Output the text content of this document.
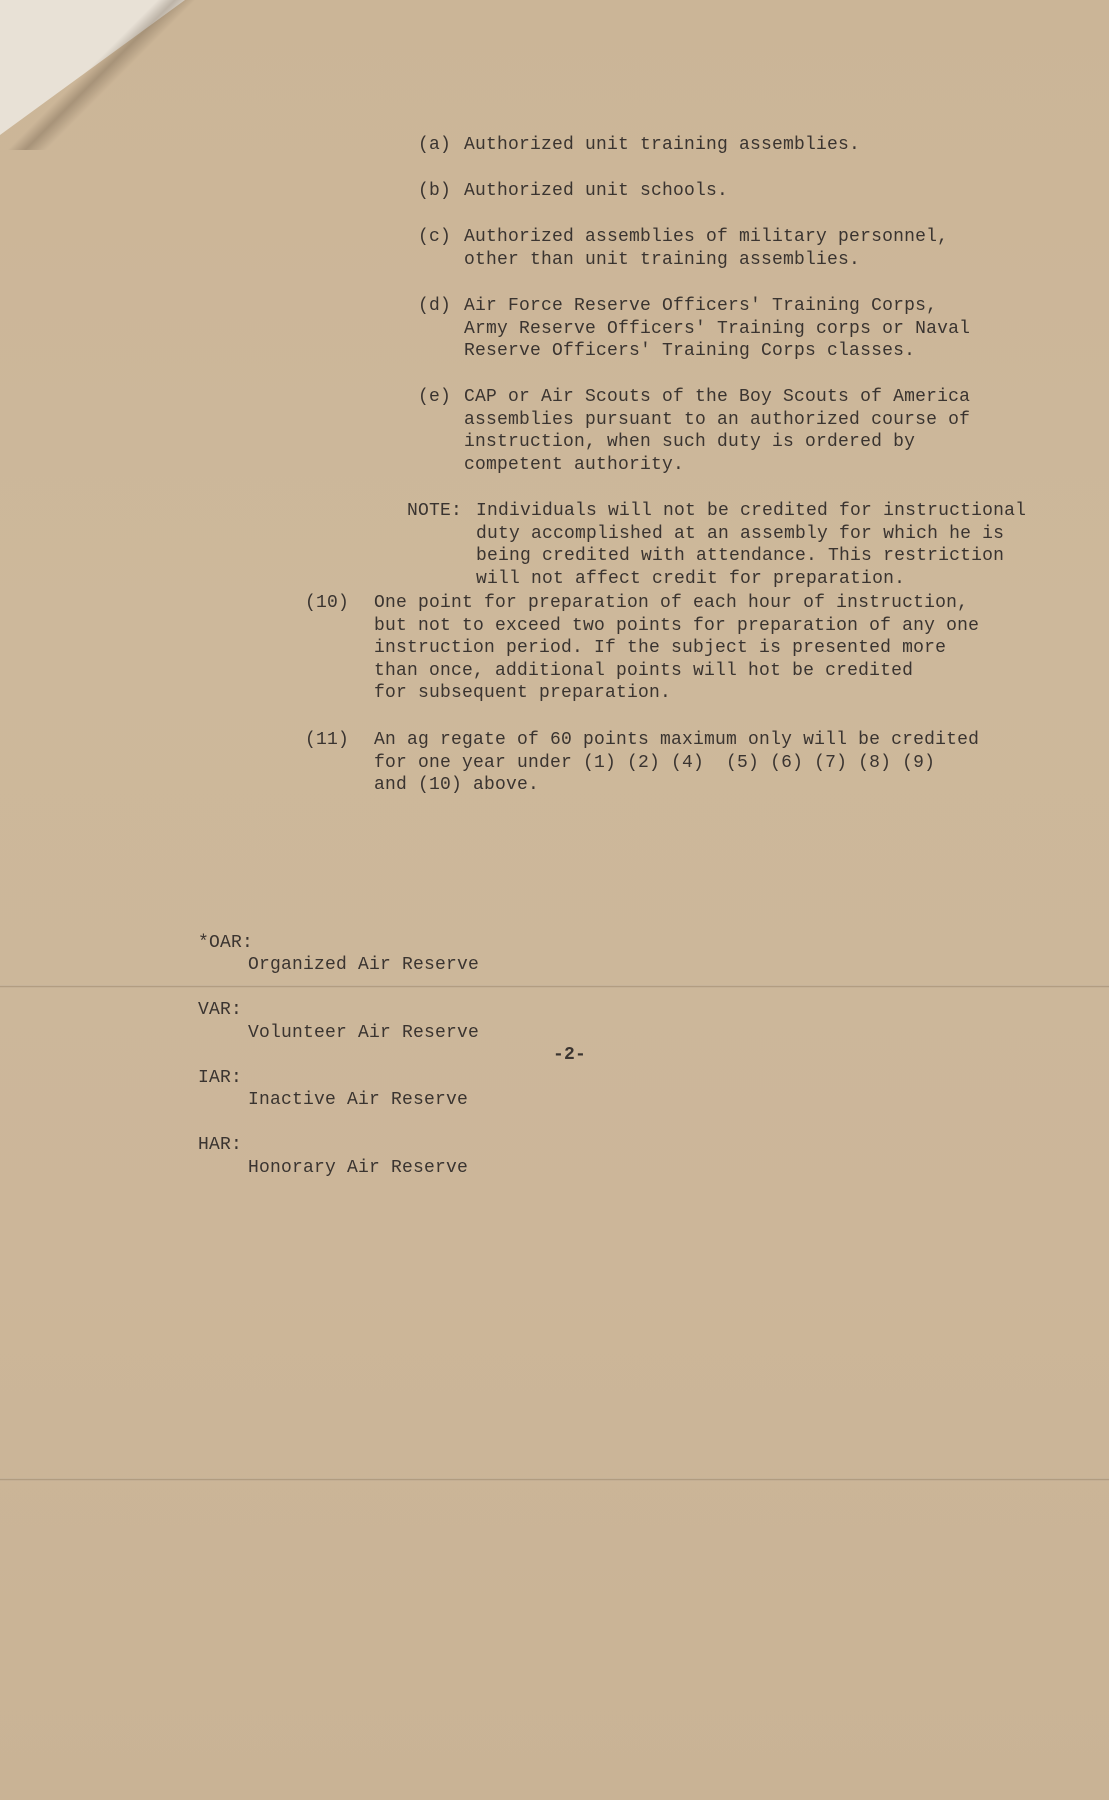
(a)

Authorized unit training assemblies.

(b)

Authorized unit schools.

(c)

Authorized assemblies of military personnel,
other than unit training assemblies.

(d)

Air Force Reserve Officers' Training Corps,
Army Reserve Officers' Training corps or Naval
Reserve Officers' Training Corps classes.

(e)

CAP or Air Scouts of the Boy Scouts of America
assemblies pursuant to an authorized course of
instruction, when such duty is ordered by
competent authority.

NOTE:

Individuals will not be credited for instructional
duty accomplished at an assembly for which he is
being credited with attendance. This restriction
will not affect credit for preparation.

(10)

One point for preparation of each hour of instruction,
but not to exceed two points for preparation of any one
instruction period. If the subject is presented more
than once, additional points will hot be credited
for subsequent preparation.

(11)

An ag regate of 60 points maximum only will be credited
for one year under (1) (2) (4)  (5) (6) (7) (8) (9)
and (10) above.

*OAR:

Organized Air Reserve

VAR:

Volunteer Air Reserve

IAR:

Inactive Air Reserve

HAR:

Honorary Air Reserve

-2-
